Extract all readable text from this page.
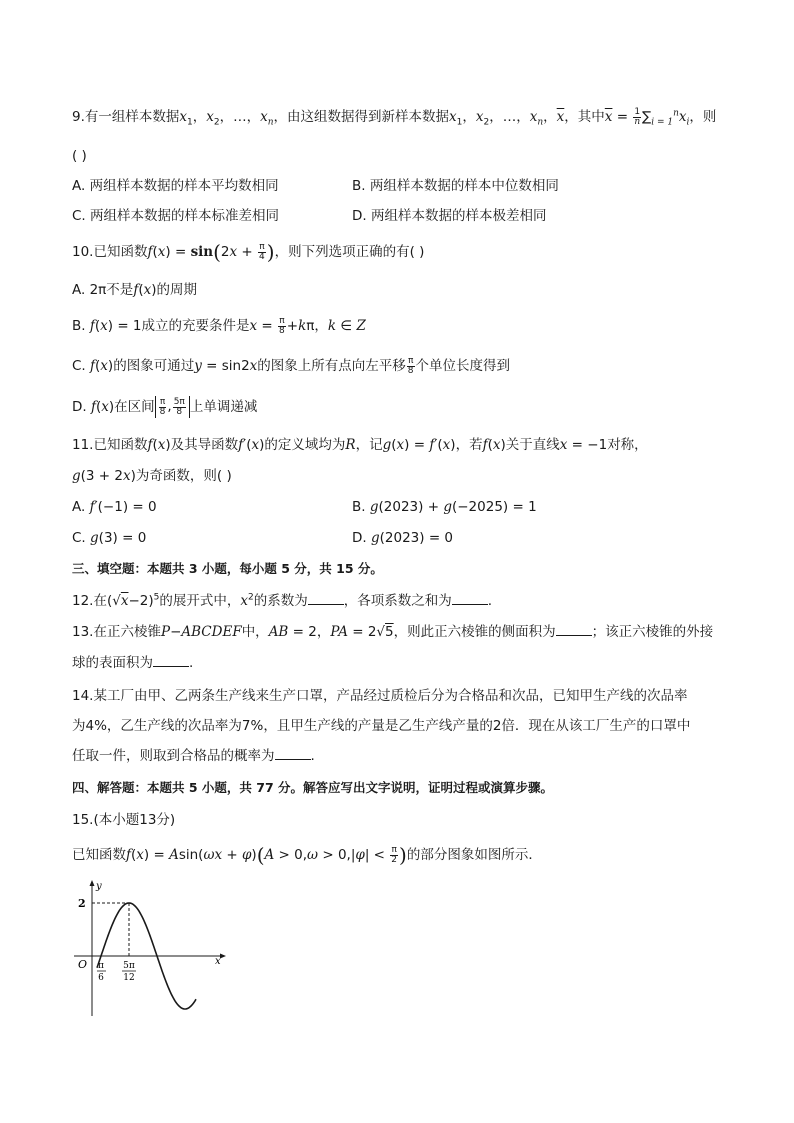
9.有一组样本数据$x_1$，$x_2$，…，$x_n$，由这组数据得到新样本数据$x_1$，$x_2$，…，$x_n$，$\overline{x}$，其中$\overline{x} = \frac{1}{n} \sum_{i = 1}^nx_i$，则
( )
A. 两组样本数据的样本平均数相同	B. 两组样本数据的样本中位数相同
C. 两组样本数据的样本标准差相同	D. 两组样本数据的样本极差相同
10.已知函数$f(x) = \sin(2x + \frac{\pi}{4}$ )，则下列选项正确的有( )
A. 2π不是f(x)的周期
B. f(x) = 1成立的充要条件是$x = \frac{\pi}{8} +k\pi$，k ∈ Z
C. f(x)的图象可通过y = sin2x的图象上所有点向左平移 $\frac{\pi}{8}$ 个单位长度得到
D. f(x)在区间 $\frac{\pi}{8}$ , $\frac{5\pi}{8}$ 上单调递减
11.已知函数f(x)及其导函数f′(x)的定义域均为R，记g(x) = f′(x)，若f(x)关于直线x = −1对称，
g(3 + 2x)为奇函数，则( )
A. f′(−1) = 0	B. g(2023) + g(−2025) = 1
C. g(3) = 0	D. g(2023) = 0
三、填空题：本题共 3 小题，每小题 5 分，共 15 分。
12.在$(√x-2)^5$的展开式中，$x^2$的系数为	，各项系数之和为	.
13.在正六棱锥P−ABCDEF中，AB = 2，PA = 2√5，则此正六棱锥的侧面积为	；该正六棱锥的外接
球的表面积为	.
14.某工厂由甲、乙两条生产线来生产口罩，产品经过质检后分为合格品和次品，已知甲生产线的次品率
为4%，乙生产线的次品率为7%，且甲生产线的产量是乙生产线产量的2倍．现在从该工厂生产的口罩中
任取一件，则取到合格品的概率为	.
四、解答题：本题共 5 小题，共 77 分。解答应写出文字说明，证明过程或演算步骤。
15.(本小题13分)
已知函数$f(x) = Asin(\omega x + \varphi)(A > 0,\omega > 0,|\varphi| < \frac{\pi}{2}$ )的部分图象如图所示．
y
x
O
2
π
6
5π
12
